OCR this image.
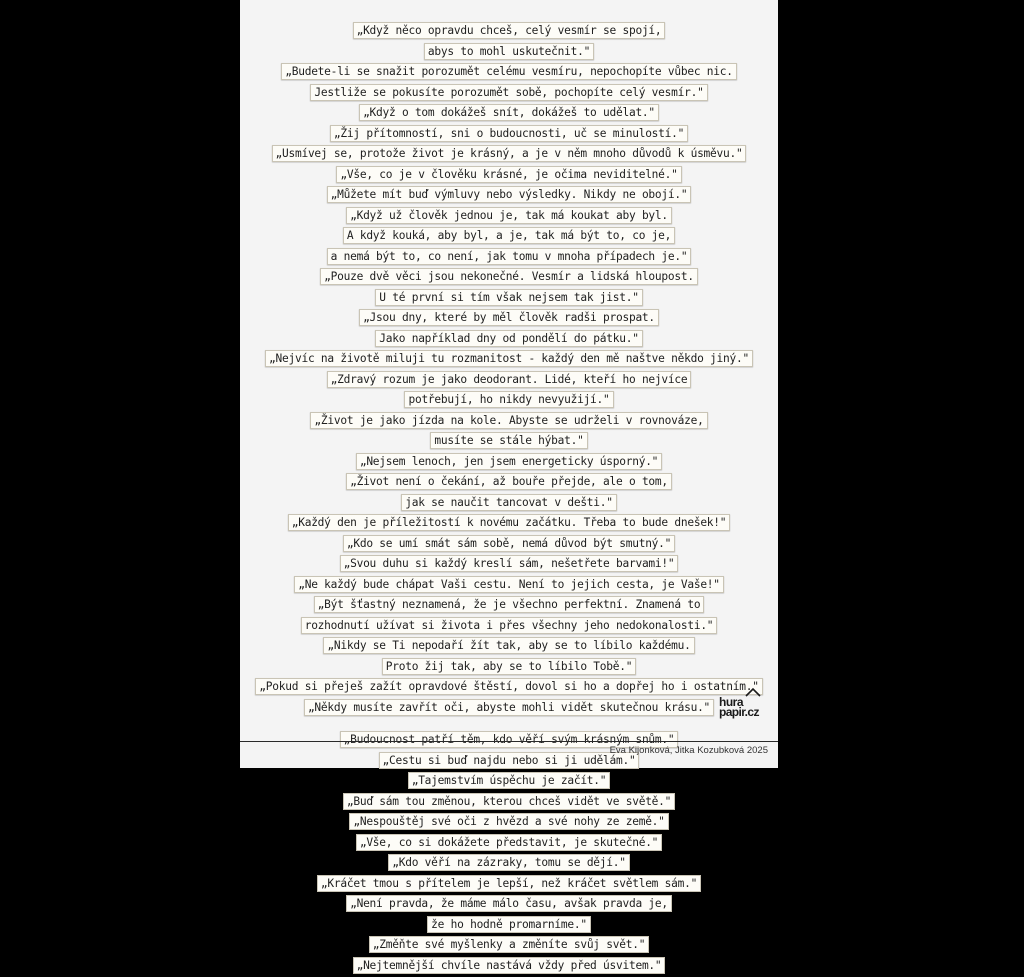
„Když něco opravdu chceš, celý vesmír se spojí,
abys to mohl uskutečnit."
„Budete-li se snažit porozumět celému vesmíru, nepochopíte vůbec nic.
Jestliže se pokusíte porozumět sobě, pochopíte celý vesmír."
„Když o tom dokážeš snít, dokážeš to udělat."
„Žij přítomností, sni o budoucnosti, uč se minulostí."
„Usmívej se, protože život je krásný, a je v něm mnoho důvodů k úsměvu."
„Vše, co je v člověku krásné, je očima neviditelné."
„Můžete mít buď výmluvy nebo výsledky. Nikdy ne obojí."
„Když už člověk jednou je, tak má koukat aby byl.
A když kouká, aby byl, a je, tak má být to, co je,
a nemá být to, co není, jak tomu v mnoha případech je."
„Pouze dvě věci jsou nekonečné. Vesmír a lidská hloupost.
U té první si tím však nejsem tak jist."
„Jsou dny, které by měl člověk radši prospat.
Jako například dny od pondělí do pátku."
„Nejvíc na životě miluji tu rozmanitost - každý den mě naštve někdo jiný."
„Zdravý rozum je jako deodorant. Lidé, kteří ho nejvíce
potřebují, ho nikdy nevyužijí."
„Život je jako jízda na kole. Abyste se udrželi v rovnováze,
musíte se stále hýbat."
„Nejsem lenoch, jen jsem energeticky úsporný."
„Život není o čekání, až bouře přejde, ale o tom,
jak se naučit tancovat v dešti."
„Každý den je příležitostí k novému začátku. Třeba to bude dnešek!"
„Kdo se umí smát sám sobě, nemá důvod být smutný."
„Svou duhu si každý kreslí sám, nešetřete barvami!"
„Ne každý bude chápat Vaši cestu. Není to jejich cesta, je Vaše!"
„Být šťastný neznamená, že je všechno perfektní. Znamená to
rozhodnutí užívat si života i přes všechny jeho nedokonalosti."
„Nikdy se Ti nepodaří žít tak, aby se to líbilo každému.
Proto žij tak, aby se to líbilo Tobě."
„Pokud si přeješ zažít opravdové štěstí, dovol si ho a dopřej ho i ostatním."
„Někdy musíte zavřít oči, abyste mohli vidět skutečnou krásu."
„Budoucnost patří těm, kdo věří svým krásným snům."
„Cestu si buď najdu nebo si ji udělám."
„Tajemstvím úspěchu je začít."
„Buď sám tou změnou, kterou chceš vidět ve světě."
„Nespouštěj své oči z hvězd a své nohy ze země."
„Vše, co si dokážete představit, je skutečné."
„Kdo věří na zázraky, tomu se dějí."
„Kráčet tmou s přítelem je lepší, než kráčet světlem sám."
„Není pravda, že máme málo času, avšak pravda je,
že ho hodně promarníme."
„Změňte své myšlenky a změníte svůj svět."
„Nejtemnější chvíle nastává vždy před úsvitem."
hura
papir.cz
Eva Kijonková, Jitka Kozubková 2025
